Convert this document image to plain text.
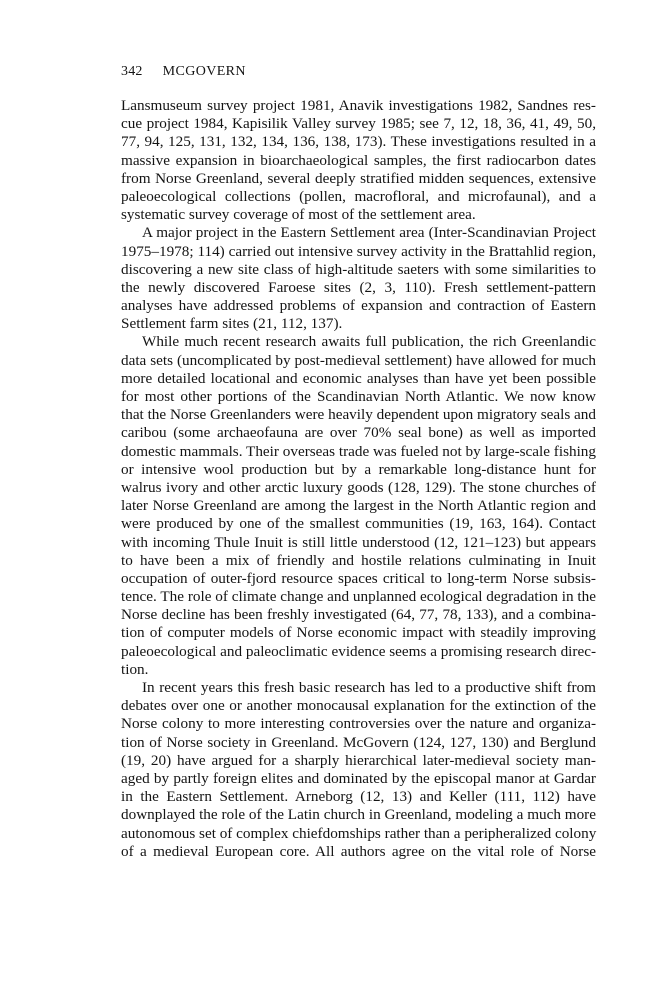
342 MCGOVERN
Lansmuseum survey project 1981, Anavik investigations 1982, Sandnes res-
cue project 1984, Kapisilik Valley survey 1985; see 7, 12, 18, 36, 41, 49, 50,
77, 94, 125, 131, 132, 134, 136, 138, 173). These investigations resulted in a
massive expansion in bioarchaeological samples, the first radiocarbon dates
from Norse Greenland, several deeply stratified midden sequences, extensive
paleoecological collections (pollen, macrofloral, and microfaunal), and a
systematic survey coverage of most of the settlement area.
A major project in the Eastern Settlement area (Inter-Scandinavian Project
1975–1978; 114) carried out intensive survey activity in the Brattahlid region,
discovering a new site class of high-altitude saeters with some similarities to
the newly discovered Faroese sites (2, 3, 110). Fresh settlement-pattern
analyses have addressed problems of expansion and contraction of Eastern
Settlement farm sites (21, 112, 137).
While much recent research awaits full publication, the rich Greenlandic
data sets (uncomplicated by post-medieval settlement) have allowed for much
more detailed locational and economic analyses than have yet been possible
for most other portions of the Scandinavian North Atlantic. We now know
that the Norse Greenlanders were heavily dependent upon migratory seals and
caribou (some archaeofauna are over 70% seal bone) as well as imported
domestic mammals. Their overseas trade was fueled not by large-scale fishing
or intensive wool production but by a remarkable long-distance hunt for
walrus ivory and other arctic luxury goods (128, 129). The stone churches of
later Norse Greenland are among the largest in the North Atlantic region and
were produced by one of the smallest communities (19, 163, 164). Contact
with incoming Thule Inuit is still little understood (12, 121–123) but appears
to have been a mix of friendly and hostile relations culminating in Inuit
occupation of outer-fjord resource spaces critical to long-term Norse subsis-
tence. The role of climate change and unplanned ecological degradation in the
Norse decline has been freshly investigated (64, 77, 78, 133), and a combina-
tion of computer models of Norse economic impact with steadily improving
paleoecological and paleoclimatic evidence seems a promising research direc-
tion.
In recent years this fresh basic research has led to a productive shift from
debates over one or another monocausal explanation for the extinction of the
Norse colony to more interesting controversies over the nature and organiza-
tion of Norse society in Greenland. McGovern (124, 127, 130) and Berglund
(19, 20) have argued for a sharply hierarchical later-medieval society man-
aged by partly foreign elites and dominated by the episcopal manor at Gardar
in the Eastern Settlement. Arneborg (12, 13) and Keller (111, 112) have
downplayed the role of the Latin church in Greenland, modeling a much more
autonomous set of complex chiefdomships rather than a peripheralized colony
of a medieval European core. All authors agree on the vital role of Norse
